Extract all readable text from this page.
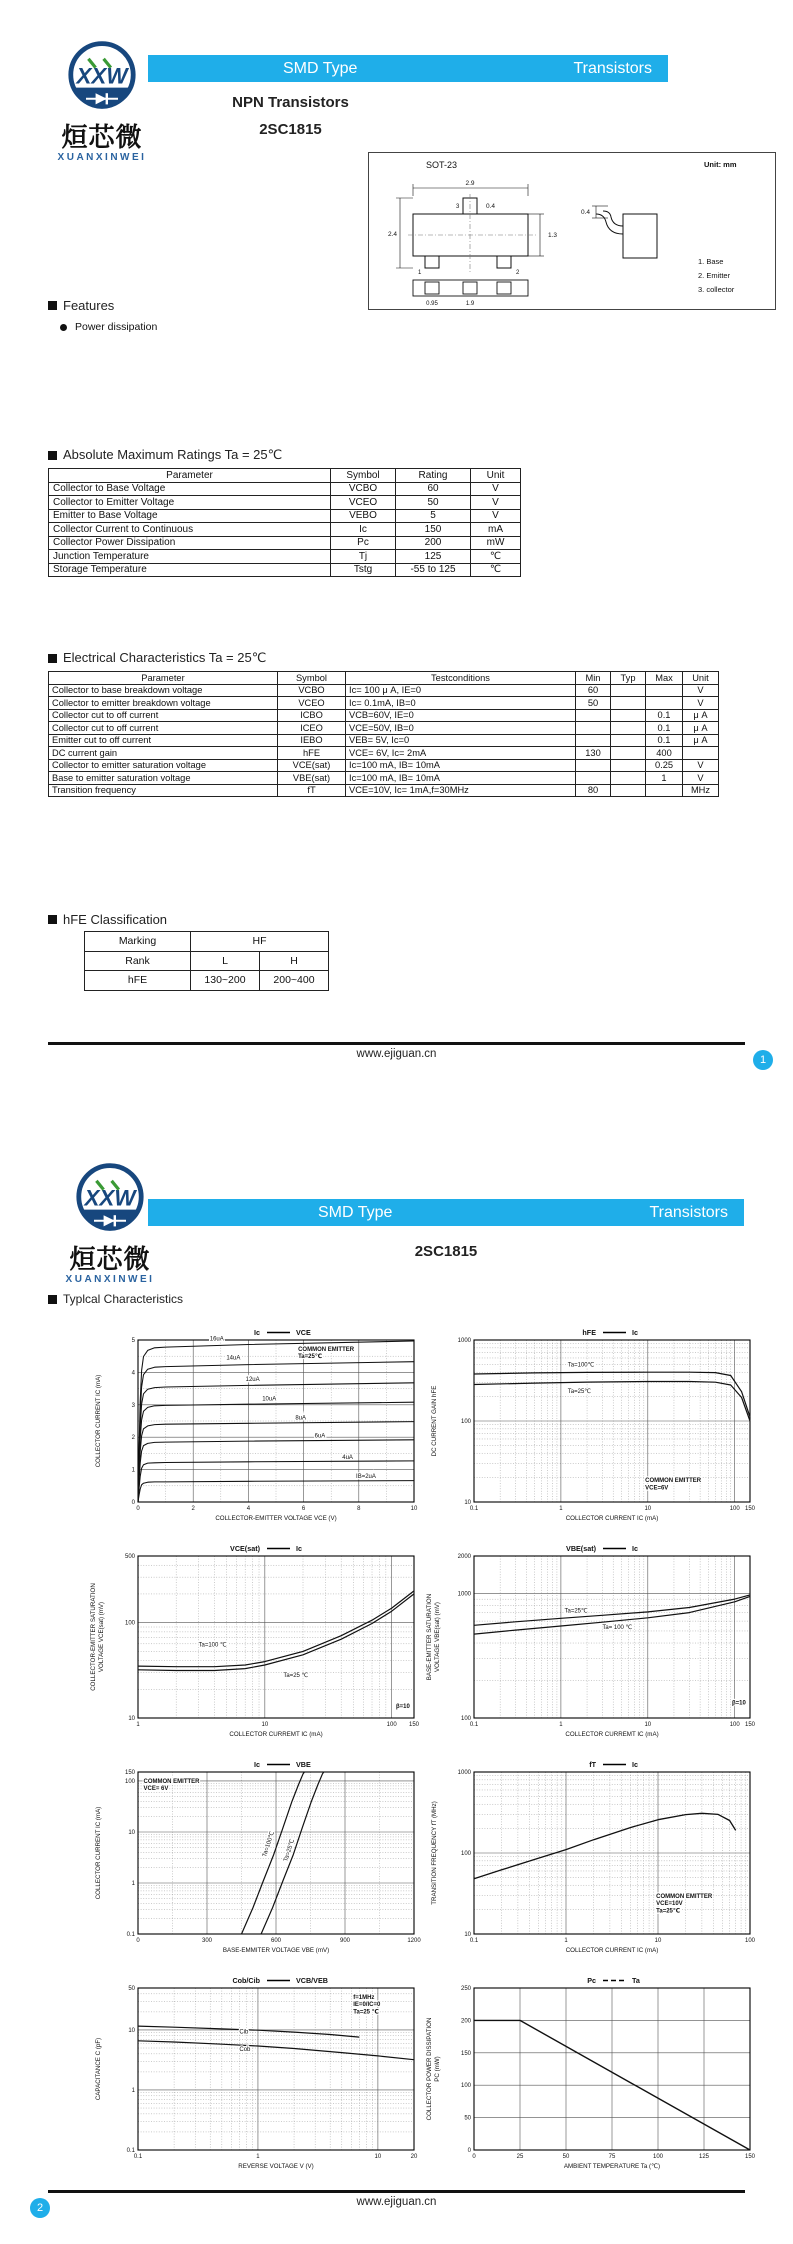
XXW
烜芯微
XUANXINWEI
SMD Type	Transistors
NPN Transistors
2SC1815
SOT-23	Unit: mm
2.9
0.4
2.4	1.3
3
1	2
0.95	1.9
0.4
1. Base
2. Emitter
3. collector
Features
Power dissipation
Absolute Maximum Ratings Ta = 25℃
Parameter	Symbol	Rating	Unit
Collector to Base Voltage	VCBO	60	V
Collector to Emitter Voltage	VCEO	50	V
Emitter to Base Voltage	VEBO	5	V
Collector Current to Continuous	Ic	150	mA
Collector Power Dissipation	Pc	200	mW
Junction Temperature	Tj	125	℃
Storage Temperature	Tstg	-55 to 125	℃
Electrical Characteristics Ta = 25℃
Parameter	Symbol	Testconditions	Min	Typ	Max	Unit
Collector to base breakdown voltage	VCBO	Ic= 100 μ A, IE=0	60			V
Collector to emitter breakdown voltage	VCEO	Ic= 0.1mA, IB=0	50			V
Collector cut to off current	ICBO	VCB=60V, IE=0			0.1	μ A
Collector cut to off current	ICEO	VCE=50V, IB=0			0.1	μ A
Emitter cut to off current	IEBO	VEB= 5V, Ic=0			0.1	μ A
DC current gain	hFE	VCE= 6V, Ic= 2mA	130		400	
Collector to emitter saturation voltage	VCE(sat)	Ic=100 mA, IB= 10mA			0.25	V
Base to emitter saturation voltage	VBE(sat)	Ic=100 mA, IB= 10mA			1	V
Transition frequency	fT	VCE=10V, Ic= 1mA,f=30MHz	80			MHz
hFE Classification
Marking	HF	
Rank	L	H
hFE	130~200	200~400
www.ejiguan.cn	1
XXW
烜芯微
XUANXINWEI
SMD Type	Transistors
2SC1815
Typlcal Characteristics
0	2	4	6	8	10
0
1
2
3
4
5
COLLECTOR-EMITTER VOLTAGE VCE (V)
COLLECTOR CURRENT IC (mA)
Ic	VCE
16uA
14uA
12uA
10uA
8uA
6uA
4uA
IB=2uA
COMMON EMITTER
Ta=25℃
0.1	1	10	100 150
10
100
1000
COLLECTOR CURRENT IC (mA)
DC CURRENT GAIN hFE
hFE	Ic
Ta=100℃
Ta=25℃
COMMON EMITTER
VCE=6V
1	10	100 150
10
100
500
COLLECTOR CURREMT IC (mA)
COLLECTOR-EMITTER SATURATION VOLTAGE VCE(sat) (mV)
VCE(sat)	Ic
Ta=100 ℃
Ta=25 ℃
β=10
0.1	1	10	100 150
100
1000
2000
COLLECTOR CURREMT IC (mA)
BASE-EMITTER SATURATION VOLTAGE VBE(sat) (mV)
VBE(sat)	Ic
Ta=25℃
Ta= 100 ℃
β=10
0	300	600	900	1200
0.1
1
10
100
150
BASE-EMMITER VOLTAGE VBE (mV)
COLLECTOR CURRENT IC (mA)
Ic	VBE
Ta=100℃ Ta=25℃
COMMON EMITTER
VCE= 6V
0.1	1	10	100
10
100
1000
COLLECTOR CURRENT IC (mA)
TRANSITION FREQUENCY fT (MHz)
fT	Ic
COMMON EMITTER
VCE=10V
Ta=25℃
0.1	1	10	20
0.1
1
10
50
REVERSE VOLTAGE V (V)
CAPACITANCE C (pF)
Cob/Cib	VCB/VEB
Cib
Cob
f=1MHz
IE=0/IC=0
Ta=25 ℃
0	25	50	75	100	125	150
0
50
100
150
200
250
AMBIENT TEMPERATURE Ta (℃)
COLLECTOR POWER DISSIPATION PC (mW)
Pc	Ta
www.ejiguan.cn
2
